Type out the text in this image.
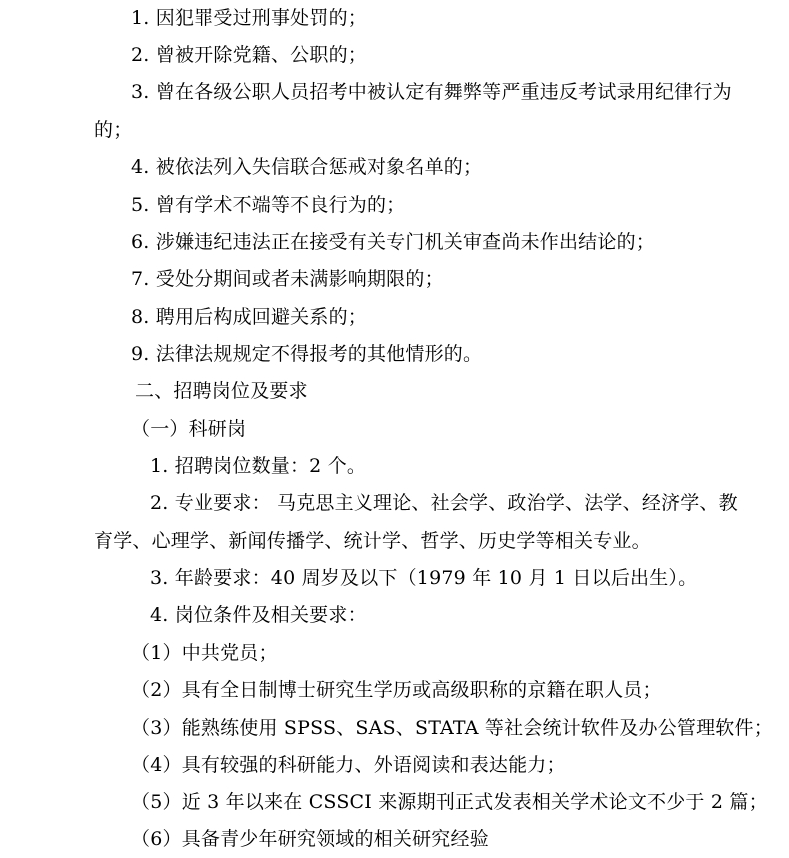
1. 因犯罪受过刑事处罚的；
2. 曾被开除党籍、公职的；
3. 曾在各级公职人员招考中被认定有舞弊等严重违反考试录用纪律行为
的；
4. 被依法列入失信联合惩戒对象名单的；
5. 曾有学术不端等不良行为的；
6. 涉嫌违纪违法正在接受有关专门机关审查尚未作出结论的；
7. 受处分期间或者未满影响期限的；
8. 聘用后构成回避关系的；
9. 法律法规规定不得报考的其他情形的。
二、招聘岗位及要求
（一）科研岗
1. 招聘岗位数量：2 个。
2. 专业要求： 马克思主义理论、社会学、政治学、法学、经济学、教
育学、心理学、新闻传播学、统计学、哲学、历史学等相关专业。
3. 年龄要求：40 周岁及以下（1979 年 10 月 1 日以后出生）。
4. 岗位条件及相关要求：
（1）中共党员；
（2）具有全日制博士研究生学历或高级职称的京籍在职人员；
（3）能熟练使用 SPSS、SAS、STATA 等社会统计软件及办公管理软件；
（4）具有较强的科研能力、外语阅读和表达能力；
（5）近 3 年以来在 CSSCI 来源期刊正式发表相关学术论文不少于 2 篇；
（6）具备青少年研究领域的相关研究经验
